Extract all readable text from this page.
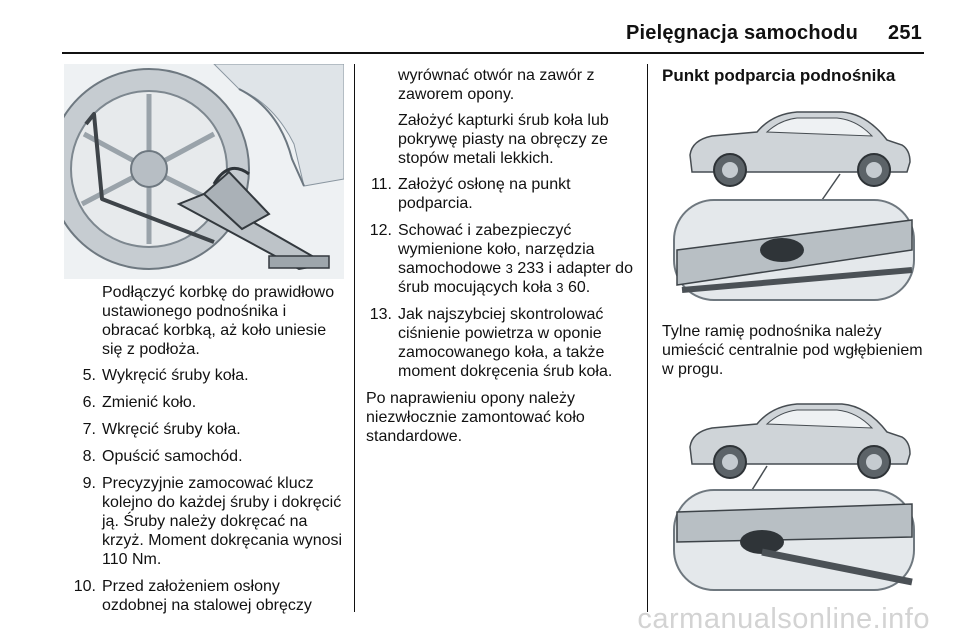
Pielęgnacja samochodu 251

Podłączyć korbkę do prawidłowo ustawionego podnośnika i obracać korbką, aż koło uniesie się z podłoża.

5. Wykręcić śruby koła.
6. Zmienić koło.
7. Wkręcić śruby koła.
8. Opuścić samochód.
9. Precyzyjnie zamocować klucz kolejno do każdej śruby i dokręcić ją. Śruby należy dokręcać na krzyż. Moment dokręcania wynosi 110 Nm.
10. Przed założeniem osłony ozdobnej na stalowej obręczy

wyrównać otwór na zawór z zaworem opony.

Założyć kapturki śrub koła lub pokrywę piasty na obręczy ze stopów metali lekkich.

11. Założyć osłonę na punkt podparcia.
12. Schować i zabezpieczyć wymienione koło, narzędzia samochodowe 3 233 i adapter do śrub mocujących koła 3 60.
13. Jak najszybciej skontrolować ciśnienie powietrza w oponie zamocowanego koła, a także moment dokręcenia śrub koła.

Po naprawieniu opony należy niezwłocznie zamontować koło standardowe.

Punkt podparcia podnośnika

Tylne ramię podnośnika należy umieścić centralnie pod wgłębieniem w progu.

carmanualsonline.info
